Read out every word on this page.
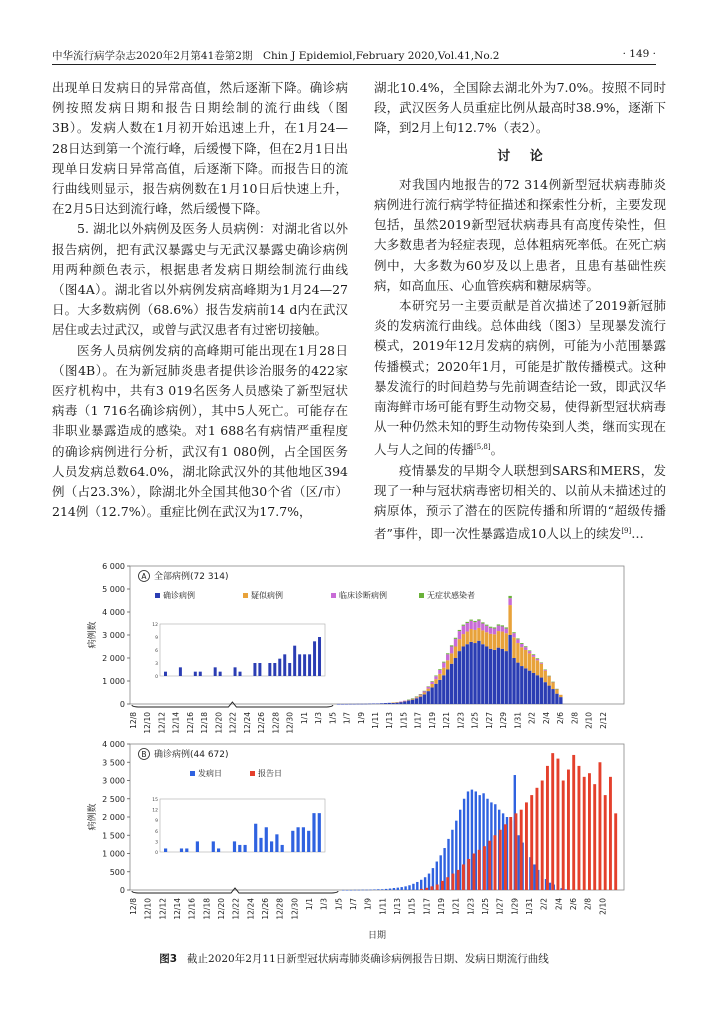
中华流行病学杂志2020年2月第41卷第2期　Chin J Epidemiol,February 2020,Vol.41,No.2	· 149 ·

出现单日发病日的异常高值，然后逐渐下降。确诊病例按照发病日期和报告日期绘制的流行曲线（图3B）。发病人数在1月初开始迅速上升，在1月24—28日达到第一个流行峰，后缓慢下降，但在2月1日出现单日发病日异常高值，后逐渐下降。而报告日的流行曲线则显示，报告病例数在1月10日后快速上升，在2月5日达到流行峰，然后缓慢下降。

5. 湖北以外病例及医务人员病例：对湖北省以外报告病例，把有武汉暴露史与无武汉暴露史确诊病例用两种颜色表示，根据患者发病日期绘制流行曲线（图4A）。湖北省以外病例发病高峰期为1月24—27日。大多数病例（68.6%）报告发病前14 d内在武汉居住或去过武汉，或曾与武汉患者有过密切接触。

医务人员病例发病的高峰期可能出现在1月28日（图4B）。在为新冠肺炎患者提供诊治服务的422家医疗机构中，共有3 019名医务人员感染了新型冠状病毒（1 716名确诊病例），其中5人死亡。可能存在非职业暴露造成的感染。对1 688名有病情严重程度的确诊病例进行分析，武汉有1 080例，占全国医务人员发病总数64.0%，湖北除武汉外的其他地区394例（占23.3%），除湖北外全国其他30个省（区/市）214例（12.7%）。重症比例在武汉为17.7%，

湖北10.4%，全国除去湖北外为7.0%。按照不同时段，武汉医务人员重症比例从最高时38.9%，逐渐下降，到2月上旬12.7%（表2）。

讨论

对我国内地报告的72 314例新型冠状病毒肺炎病例进行流行病学特征描述和探索性分析，主要发现包括，虽然2019新型冠状病毒具有高度传染性，但大多数患者为轻症表现，总体粗病死率低。在死亡病例中，大多数为60岁及以上患者，且患有基础性疾病，如高血压、心血管疾病和糖尿病等。

本研究另一主要贡献是首次描述了2019新冠肺炎的发病流行曲线。总体曲线（图3）呈现暴发流行模式，2019年12月发病的病例，可能为小范围暴露传播模式；2020年1月，可能是扩散传播模式。这种暴发流行的时间趋势与先前调查结论一致，即武汉华南海鲜市场可能有野生动物交易，使得新型冠状病毒从一种仍然未知的野生动物传染到人类，继而实现在人与人之间的传播[5,8]。

疫情暴发的早期令人联想到SARS和MERS，发现了一种与冠状病毒密切相关的、以前从未描述过的病原体，预示了潜在的医院传播和所谓的“超级传播者”事件，即一次性暴露造成10人以上的续发[9]…

0
1 000
2 000
3 000
4 000
5 000
6 000
病例数
12/8 12/10 12/12 12/14 12/16 12/18 12/20 12/22 12/24 12/26 12/28 12/30 1/1 1/3 1/5 1/7 1/9 1/11 1/13 1/15 1/17 1/19 1/21 1/23 1/25 1/27 1/29 1/31 2/2 2/4 2/6 2/8 2/10 2/12
A 全部病例(72 314)
确诊病例	疑似病例	临床诊断病例	无症状感染者
0
3
6
9
12
0
500
1 000
1 500
2 000
2 500
3 000
3 500
4 000
病例数
12/8 12/10 12/12 12/14 12/16 12/18 12/20 12/22 12/24 12/26 12/28 12/30 1/1 1/3 1/5 1/7 1/9 1/11 1/13 1/15 1/17 1/19 1/21 1/23 1/25 1/27 1/29 1/31 2/2 2/4 2/6 2/8 2/10
B 确诊病例(44 672)
发病日	报告日
0
3
6
9
12
15
日期
图3 截止2020年2月11日新型冠状病毒肺炎确诊病例报告日期、发病日期流行曲线
